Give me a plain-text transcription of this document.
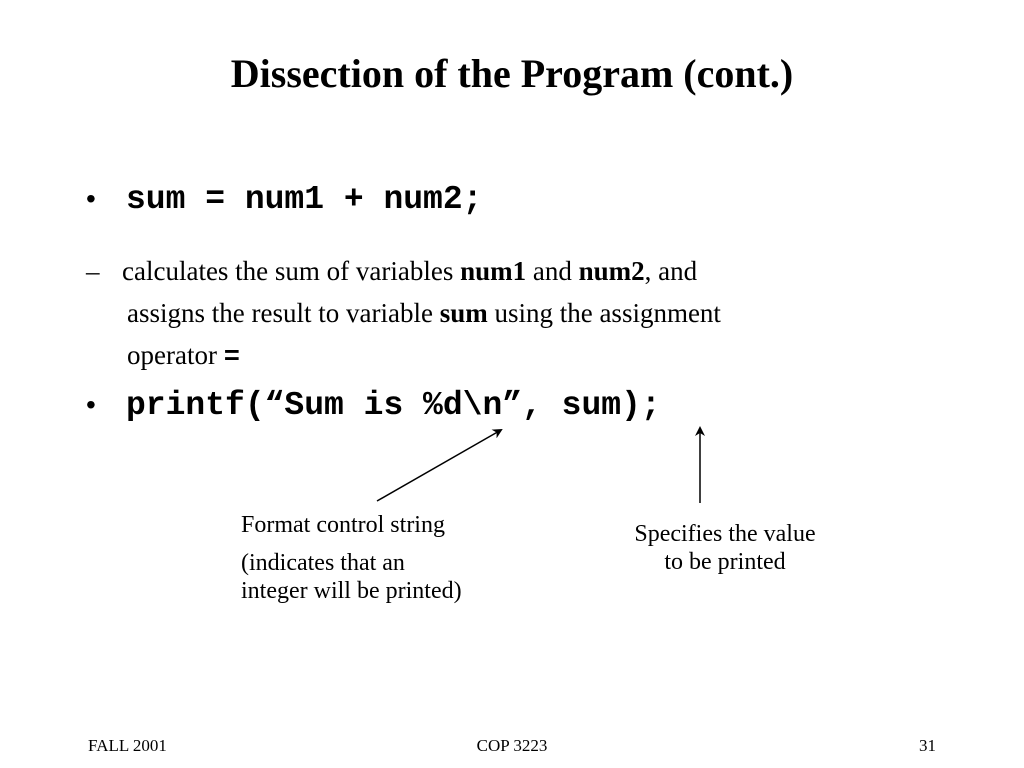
Dissection of the Program (cont.)
• sum = num1 + num2;
– calculates the sum of variables num1 and num2, and
assigns the result to variable sum using the assignment
operator =
• printf(“Sum is %d\n”, sum);
Format control string
(indicates that an
integer will be printed)
Specifies the value
to be printed
FALL 2001	COP 3223	31
